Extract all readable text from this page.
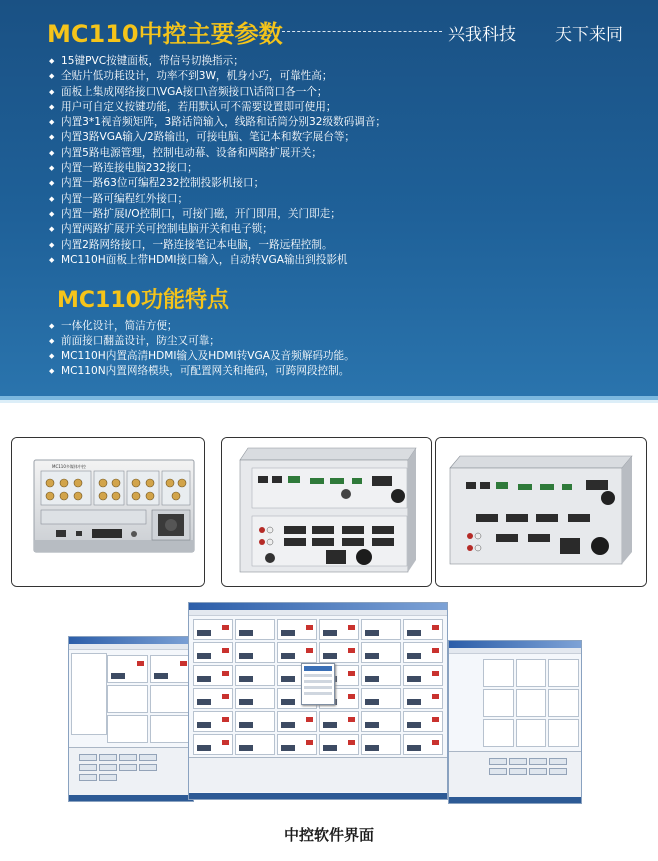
MC110中控主要参数	兴我科技 天下来同
◆ 15键PVC按键面板，带信号切换指示；
◆ 全贴片低功耗设计，功率不到3W，机身小巧，可靠性高；
◆ 面板上集成网络接口\VGA接口\音频接口\话筒口各一个；
◆ 用户可自定义按键功能，若用默认可不需要设置即可使用；
◆ 内置3*1视音频矩阵，3路话筒输入，线路和话筒分别32级数码调音；
◆ 内置3路VGA输入/2路输出，可接电脑、笔记本和数字展台等；
◆ 内置5路电源管理，控制电动幕、设备和两路扩展开关；
◆ 内置一路连接电脑232接口；
◆ 内置一路63位可编程232控制投影机接口；
◆ 内置一路可编程红外接口；
◆ 内置一路扩展I/O控制口，可接门磁，开门即用，关门即走；
◆ 内置两路扩展开关可控制电脑开关和电子锁；
◆ 内置2路网络接口，一路连接笔记本电脑，一路远程控制。
◆ MC110H面板上带HDMI接口输入，自动转VGA输出到投影机
MC110功能特点
◆ 一体化设计，简洁方便；
◆ 前面接口翻盖设计，防尘又可靠；
◆ MC110H内置高清HDMI输入及HDMI转VGA及音频解码功能。
◆ MC110N内置网络模块，可配置网关和掩码，可跨网段控制。
MC110多媒体中控
中控软件界面
